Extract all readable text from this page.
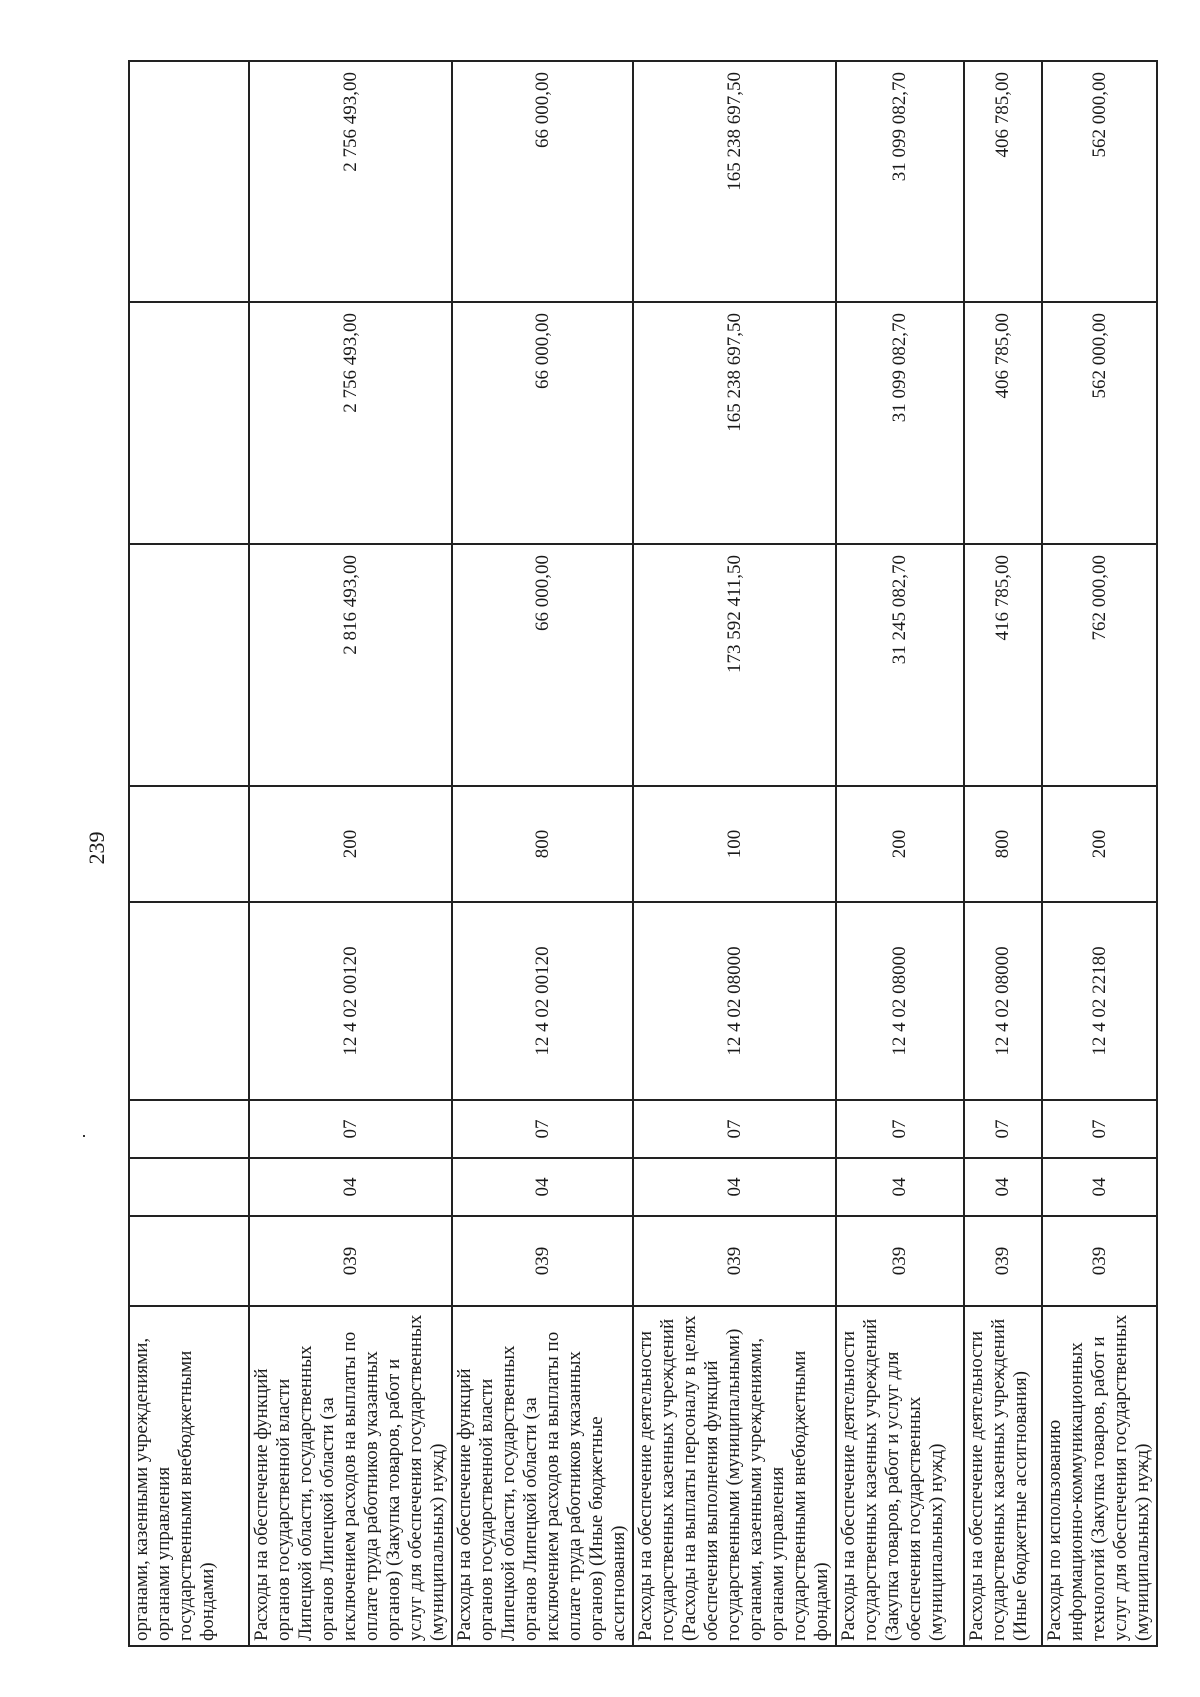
239
органами, казенными учреждениями, органами управления государственными внебюджетными фондами)								
Расходы на обеспечение функций органов государственной власти Липецкой области, государственных органов Липецкой области (за исключением расходов на выплаты по оплате труда работников указанных органов) (Закупка товаров, работ и услуг для обеспечения государственных (муниципальных) нужд)	039	04	07	12 4 02 00120	200	2 816 493,00	2 756 493,00	2 756 493,00
Расходы на обеспечение функций органов государственной власти Липецкой области, государственных органов Липецкой области (за исключением расходов на выплаты по оплате труда работников указанных органов) (Иные бюджетные ассигнования)	039	04	07	12 4 02 00120	800	66 000,00	66 000,00	66 000,00
Расходы на обеспечение деятельности государственных казенных учреждений (Расходы на выплаты персоналу в целях обеспечения выполнения функций государственными (муниципальными) органами, казенными учреждениями, органами управления государственными внебюджетными фондами)	039	04	07	12 4 02 08000	100	173 592 411,50	165 238 697,50	165 238 697,50
Расходы на обеспечение деятельности государственных казенных учреждений (Закупка товаров, работ и услуг для обеспечения государственных (муниципальных) нужд)	039	04	07	12 4 02 08000	200	31 245 082,70	31 099 082,70	31 099 082,70
Расходы на обеспечение деятельности государственных казенных учреждений (Иные бюджетные ассигнования)	039	04	07	12 4 02 08000	800	416 785,00	406 785,00	406 785,00
Расходы по использованию информационно-коммуникационных технологий (Закупка товаров, работ и услуг для обеспечения государственных (муниципальных) нужд)	039	04	07	12 4 02 22180	200	762 000,00	562 000,00	562 000,00
